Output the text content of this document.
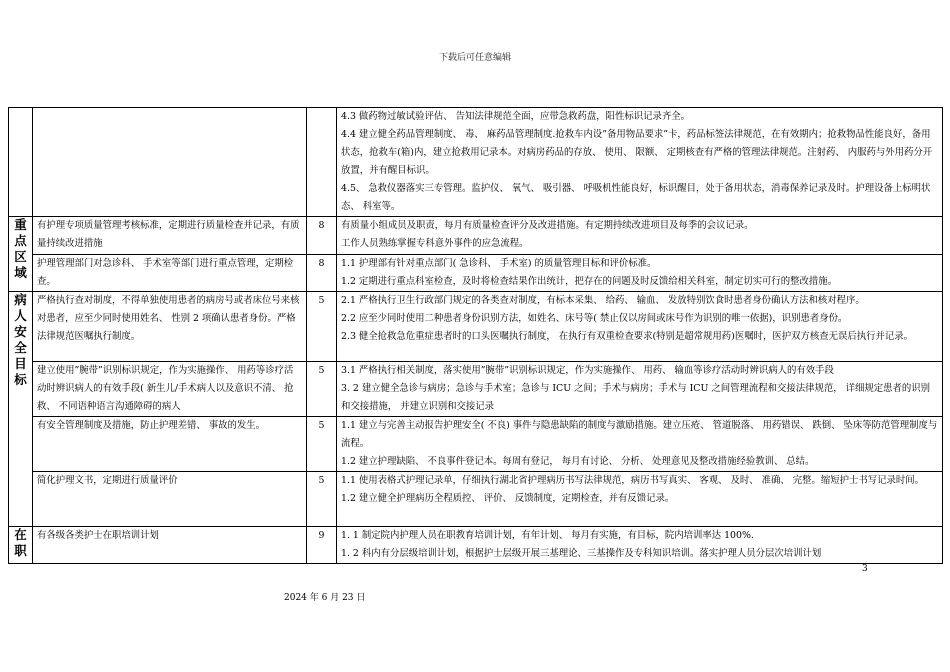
下载后可任意编辑

			4.3 做药物过敏试验评估、 告知法律规范全面，应带急救药盘，阳性标识记录齐全。
4.4 建立健全药品管理制度、 毒、 麻药品管理制度.抢救车内设”备用物品要求”卡，药品标签法律规范，在有效期内；抢救物品性能良好，备用状态，抢救车(箱)内，建立抢救用记录本。对病房药品的存放、 使用、 限额、 定期核查有严格的管理法律规范。注射药、 内服药与外用药分开放置，并有醒目标识。
4.5、 急救仪器落实三专管理。监护仪、 氧气、 吸引器、 呼吸机性能良好，标识醒目，处于备用状态，消毒保养记录及时。护理设备上标明状态、 科室等。

重点区域	有护理专项质量管理考核标准，定期进行质量检查并记录，有质量持续改进措施	8	有质量小组成员及职责，每月有质量检查评分及改进措施。有定期持续改进项目及每季的会议记录。
工作人员熟练掌握专科意外事件的应急流程。

	护理管理部门对急诊科、 手术室等部门进行重点管理，定期检查。	8	1.1 护理部有针对重点部门( 急诊科、 手术室) 的质量管理目标和评价标准。
1.2 定期进行重点科室检查，及时将检查结果作出统计，把存在的问题及时反馈给相关科室，制定切实可行的整改措施。

病人安全目标	严格执行查对制度，不得单独使用患者的病房号或者床位号来核对患者，应至少同时使用姓名、 性别 2 项确认患者身份。严格法律规范医嘱执行制度。	5	2.1 严格执行卫生行政部门规定的各类查对制度，有标本采集、 给药、 输血、 发放特别饮食时患者身份确认方法和核对程序。
2.2 应至少同时使用二种患者身份识别方法，如姓名、床号等( 禁止仅以房间或床号作为识别的唯一依据)，识别患者身份。
2.3 健全抢救急危重症患者时的口头医嘱执行制度， 在执行有双重检查要求(特别是超常规用药)医嘱时，医护双方核查无误后执行并记录。

	建立使用”腕带”识别标识规定，作为实施操作、 用药等诊疗活动时辨识病人的有效手段( 新生儿/手术病人以及意识不清、 抢救、 不同语种语言沟通障碍的病人	5	3.1 严格执行相关制度，落实使用”腕带”识别标识规定，作为实施操作、 用药、 输血等诊疗活动时辨识病人的有效手段
3. 2 建立健全急诊与病房；急诊与手术室；急诊与 ICU 之间；手术与病房；手术与 ICU 之间管理流程和交接法律规范， 详细规定患者的识别和交接措施， 并建立识别和交接记录

	有安全管理制度及措施，防止护理差错、 事故的发生。	5	1.1 建立与完善主动报告护理安全( 不良) 事件与隐患缺陷的制度与激励措施。建立压疮、 管道脱落、 用药错误、 跌倒、 坠床等防范管理制度与流程。
1.2 建立护理缺陷、 不良事件登记本。每周有登记， 每月有讨论、 分析、 处理意见及整改措施经验教训、 总结。

	简化护理文书，定期进行质量评价	5	1.1 使用表格式护理记录单，仔细执行湖北省护理病历书写法律规范，病历书写真实、 客观、 及时、 准确、 完整。缩短护士书写记录时间。
1.2 建立健全护理病历全程质控、 评价、 反馈制度，定期检查，并有反馈记录。

在职	有各级各类护士在职培训计划	9	1. 1 制定院内护理人员在职教育培训计划，有年计划、 每月有实施，有目标，院内培训率达 100%.
1. 2 科内有分层级培训计划，根据护士层级开展三基理论、三基操作及专科知识培训。落实护理人员分层次培训计划
3
2024 年 6 月 23 日
